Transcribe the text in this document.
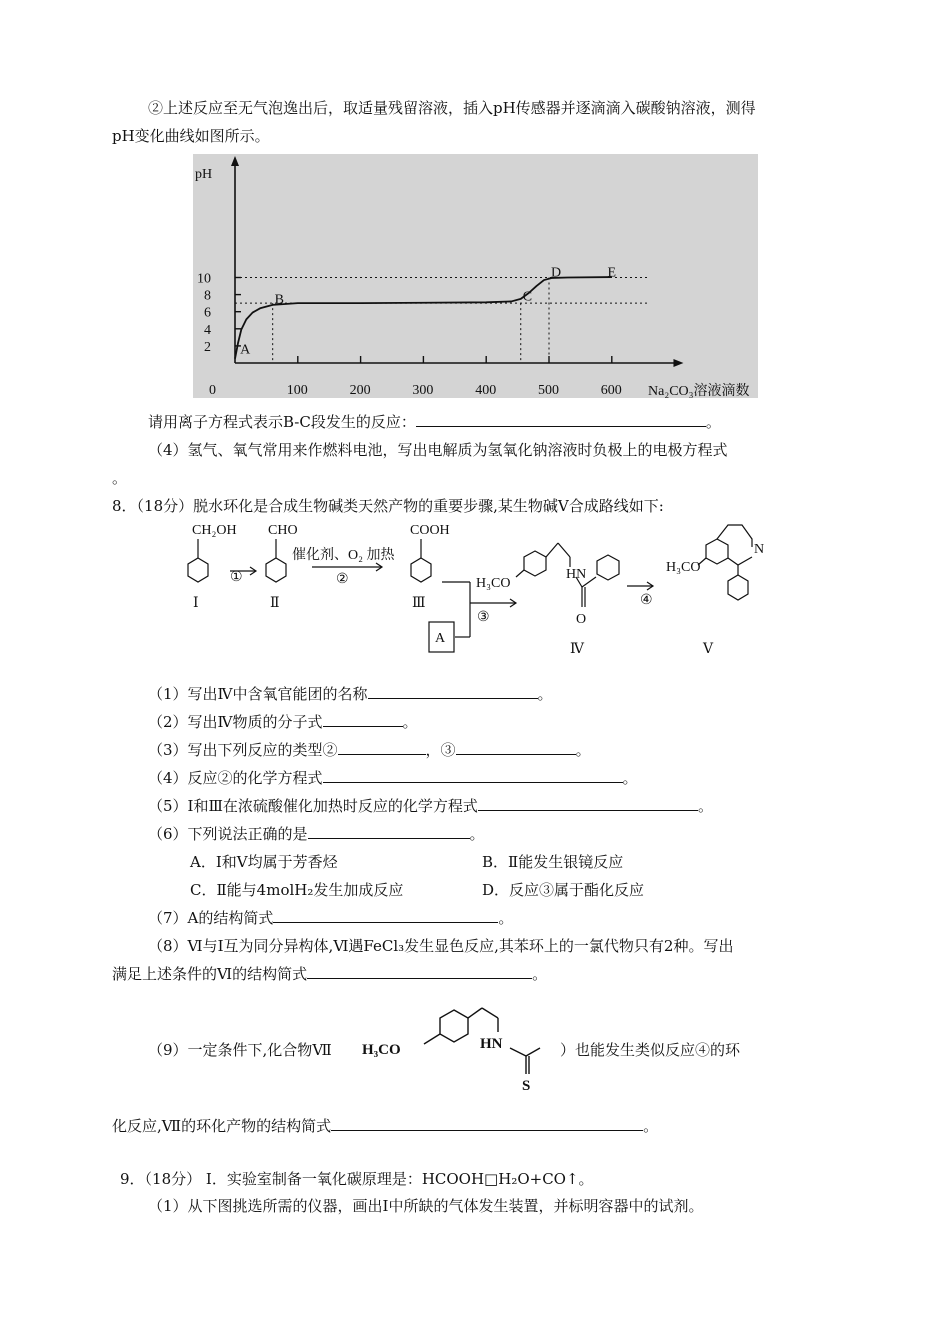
②上述反应至无气泡逸出后，取适量残留溶液，插入pH传感器并逐滴滴入碳酸钠溶液，测得
pH变化曲线如图所示。
0	100	200	300	400	500	600
2
4
6
8
10
pH
Na₂CO₃溶液滴数
A
B	C
D	E
请用离子方程式表示B-C段发生的反应：	。
（4）氢气、氧气常用来作燃料电池，写出电解质为氢氧化钠溶液时负极上的电极方程式
。
8．（18分）脱水环化是合成生物碱类天然产物的重要步骤,某生物碱Ⅴ合成路线如下:
CH₂OH CHO	COOH
Ⅰ	Ⅱ	Ⅲ
Ⅳ	Ⅴ
①
催化剂、O₂ 加热
②
③
④
A
H₃CO
HN
O
H₃CO
N
（1）写出Ⅳ中含氧官能团的名称	。
（2）写出Ⅳ物质的分子式	。
（3）写出下列反应的类型②	，③	。
（4）反应②的化学方程式	。
（5）Ⅰ和Ⅲ在浓硫酸催化加热时反应的化学方程式	。
（6）下列说法正确的是	。
A．Ⅰ和Ⅴ均属于芳香烃	B．Ⅱ能发生银镜反应
C．Ⅱ能与4molH₂发生加成反应	D．反应③属于酯化反应
（7）A的结构简式	。
（8）Ⅵ与Ⅰ互为同分异构体,Ⅵ遇FeCl₃发生显色反应,其苯环上的一氯代物只有2种。写出
满足上述条件的Ⅵ的结构简式	。
（9）一定条件下,化合物Ⅶ H₃CO	HN
S
）也能发生类似反应④的环
化反应,Ⅶ的环化产物的结构简式	。
9．（18分） Ⅰ．实验室制备一氧化碳原理是：HCOOH□H₂O+CO↑。
（1）从下图挑选所需的仪器，画出Ⅰ中所缺的气体发生装置，并标明容器中的试剂。
